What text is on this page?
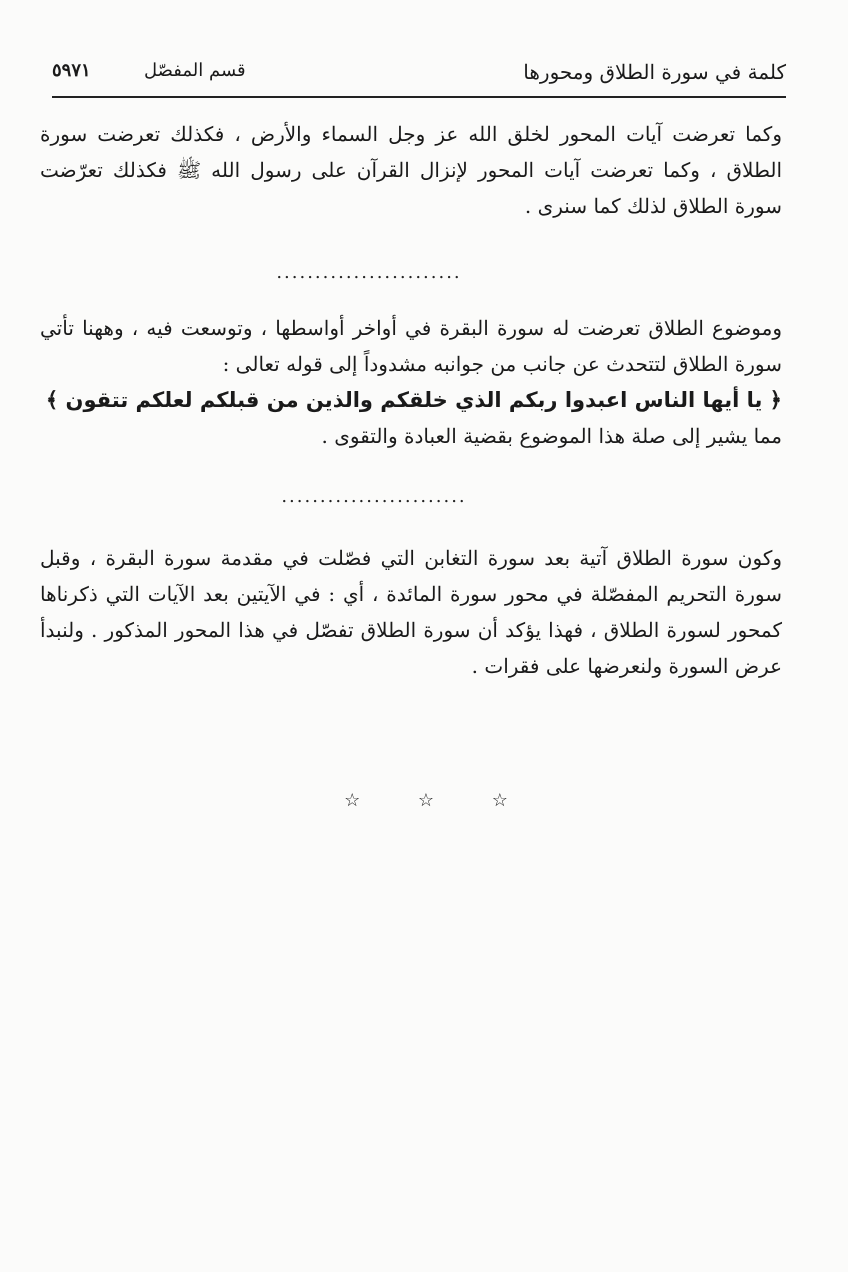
كلمة في سورة الطلاق ومحورها
قسم المفصّل
٥٩٧١
وكما تعرضت آيات المحور لخلق الله عز وجل السماء والأرض ، فكذلك تعرضت سورة الطلاق ، وكما تعرضت آيات المحور لإنزال القرآن على رسول الله ﷺ فكذلك تعرّضت سورة الطلاق لذلك كما سنرى .
........................
وموضوع الطلاق تعرضت له سورة البقرة في أواخر أواسطها ، وتوسعت فيه ، وههنا تأتي سورة الطلاق لتتحدث عن جانب من جوانبه مشدوداً إلى قوله تعالى :
﴿ يا أيها الناس اعبدوا ربكم الذي خلقكم والذين من قبلكم لعلكم تتقون ﴾
مما يشير إلى صلة هذا الموضوع بقضية العبادة والتقوى .
........................
وكون سورة الطلاق آتية بعد سورة التغابن التي فصّلت في مقدمة سورة البقرة ، وقبل سورة التحريم المفصّلة في محور سورة المائدة ، أي : في الآيتين بعد الآيات التي ذكرناها كمحور لسورة الطلاق ، فهذا يؤكد أن سورة الطلاق تفصّل في هذا المحور المذكور . ولنبدأ عرض السورة ولنعرضها على فقرات .
☆ ☆ ☆
